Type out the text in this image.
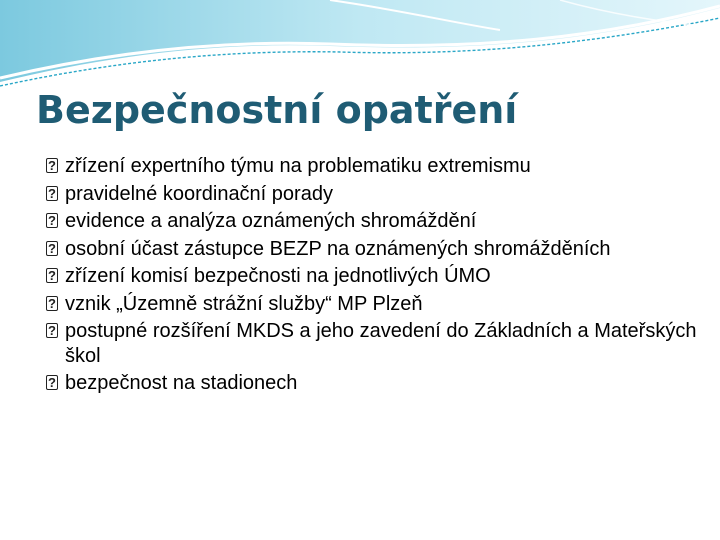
Bezpečnostní opatření
?
zřízení expertního týmu na problematiku extremismu
?
pravidelné koordinační porady
?
evidence a analýza oznámených shromáždění
?
osobní účast zástupce BEZP na oznámených shromážděních
?
zřízení komisí bezpečnosti na jednotlivých ÚMO
?
vznik „Územně strážní služby“ MP Plzeň
?
postupné rozšíření MKDS a jeho zavedení do Základních a Mateřských škol
?
bezpečnost na stadionech
